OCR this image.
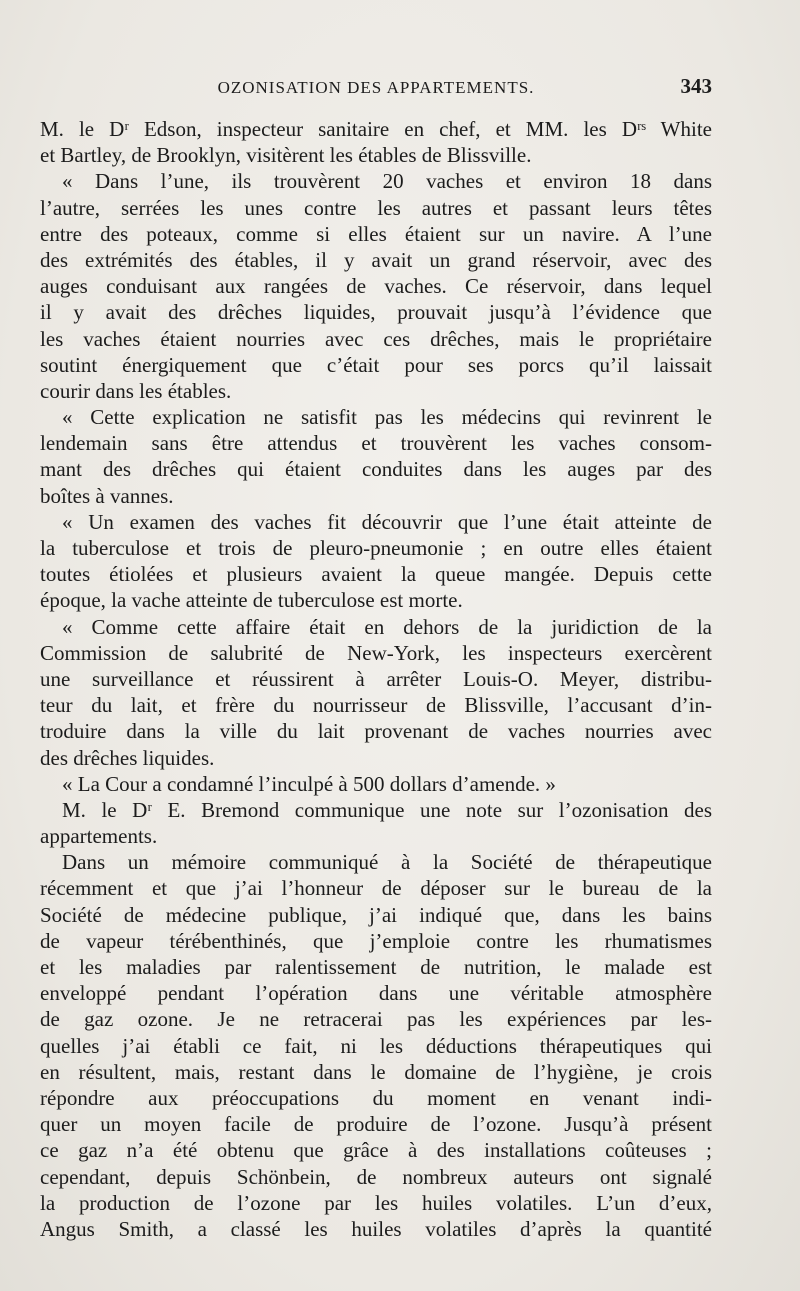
OZONISATION DES APPARTEMENTS.	343
M. le Dʳ Edson, inspecteur sanitaire en chef, et MM. les Dʳˢ White
et Bartley, de Brooklyn, visitèrent les étables de Blissville.
« Dans l’une, ils trouvèrent 20 vaches et environ 18 dans
l’autre, serrées les unes contre les autres et passant leurs têtes
entre des poteaux, comme si elles étaient sur un navire. A l’une
des extrémités des étables, il y avait un grand réservoir, avec des
auges conduisant aux rangées de vaches. Ce réservoir, dans lequel
il y avait des drêches liquides, prouvait jusqu’à l’évidence que
les vaches étaient nourries avec ces drêches, mais le propriétaire
soutint énergiquement que c’était pour ses porcs qu’il laissait
courir dans les étables.
« Cette explication ne satisfit pas les médecins qui revinrent le
lendemain sans être attendus et trouvèrent les vaches consom-
mant des drêches qui étaient conduites dans les auges par des
boîtes à vannes.
« Un examen des vaches fit découvrir que l’une était atteinte de
la tuberculose et trois de pleuro-pneumonie ; en outre elles étaient
toutes étiolées et plusieurs avaient la queue mangée. Depuis cette
époque, la vache atteinte de tuberculose est morte.
« Comme cette affaire était en dehors de la juridiction de la
Commission de salubrité de New-York, les inspecteurs exercèrent
une surveillance et réussirent à arrêter Louis-O. Meyer, distribu-
teur du lait, et frère du nourrisseur de Blissville, l’accusant d’in-
troduire dans la ville du lait provenant de vaches nourries avec
des drêches liquides.
« La Cour a condamné l’inculpé à 500 dollars d’amende. »
M. le Dʳ E. Bremond communique une note sur l’ozonisation des
appartements.
Dans un mémoire communiqué à la Société de thérapeutique
récemment et que j’ai l’honneur de déposer sur le bureau de la
Société de médecine publique, j’ai indiqué que, dans les bains
de vapeur térébenthinés, que j’emploie contre les rhumatismes
et les maladies par ralentissement de nutrition, le malade est
enveloppé pendant l’opération dans une véritable atmosphère
de gaz ozone. Je ne retracerai pas les expériences par les-
quelles j’ai établi ce fait, ni les déductions thérapeutiques qui
en résultent, mais, restant dans le domaine de l’hygiène, je crois
répondre aux préoccupations du moment en venant indi-
quer un moyen facile de produire de l’ozone. Jusqu’à présent
ce gaz n’a été obtenu que grâce à des installations coûteuses ;
cependant, depuis Schönbein, de nombreux auteurs ont signalé
la production de l’ozone par les huiles volatiles. L’un d’eux,
Angus Smith, a classé les huiles volatiles d’après la quantité
